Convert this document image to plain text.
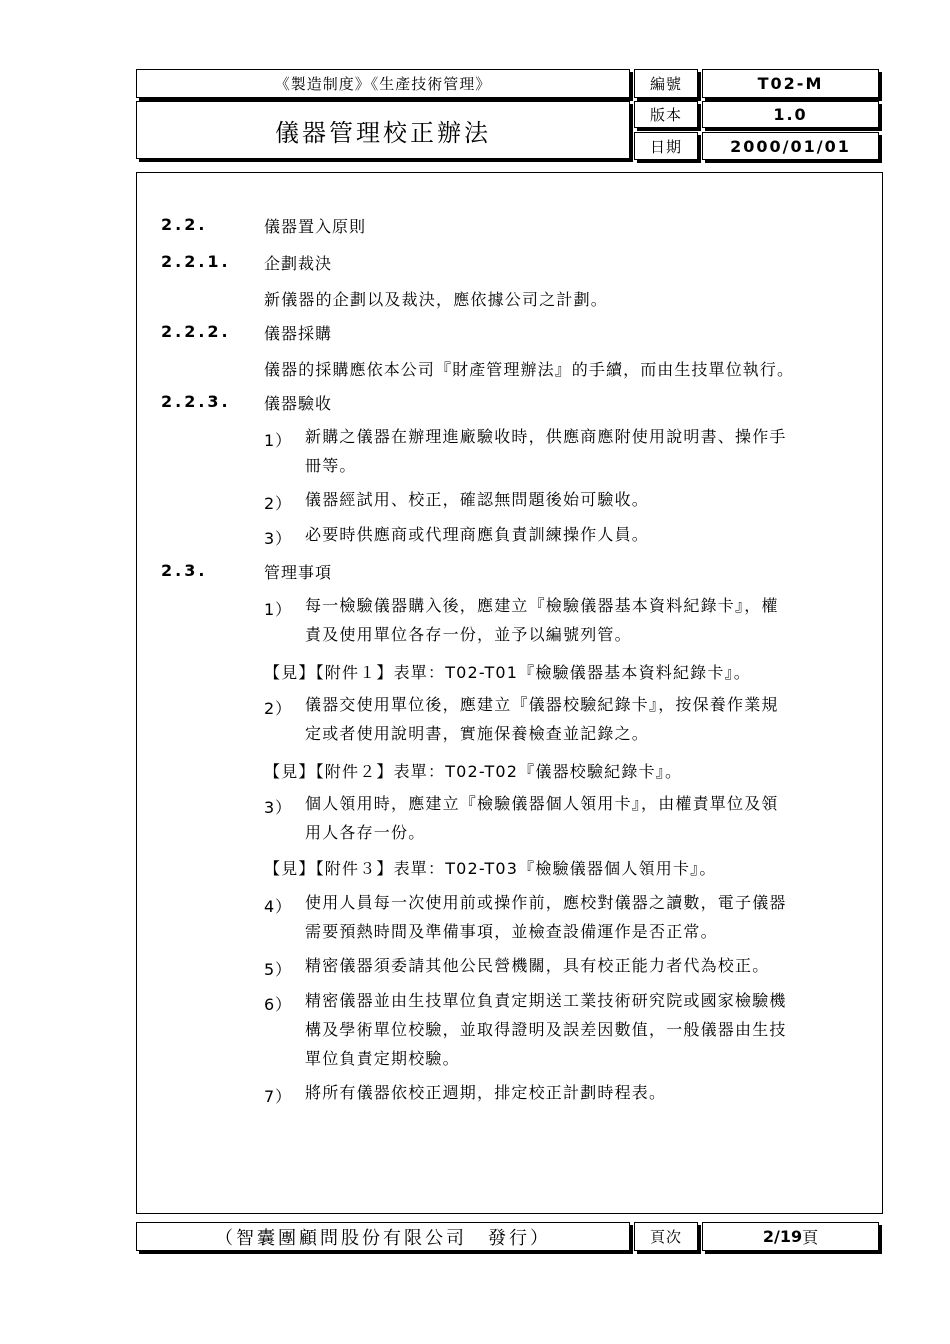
《製造制度》《生產技術管理》
儀器管理校正辦法
編號	T02-M
版本	1.0
日期	2000/01/01
2.2.	儀器置入原則
2.2.1. 企劃裁決
新儀器的企劃以及裁決，應依據公司之計劃。
2.2.2. 儀器採購
儀器的採購應依本公司『財產管理辦法』的手續，而由生技單位執行。
2.2.3. 儀器驗收
1） 新購之儀器在辦理進廠驗收時，供應商應附使用說明書、操作手
冊等。
2） 儀器經試用、校正，確認無問題後始可驗收。
3） 必要時供應商或代理商應負責訓練操作人員。
2.3.	管理事項
1） 每一檢驗儀器購入後，應建立『檢驗儀器基本資料紀錄卡』，權
責及使用單位各存一份，並予以編號列管。
【見】【附件１】表單：T02-T01『檢驗儀器基本資料紀錄卡』。
2） 儀器交使用單位後，應建立『儀器校驗紀錄卡』，按保養作業規
定或者使用說明書，實施保養檢查並記錄之。
【見】【附件２】表單：T02-T02『儀器校驗紀錄卡』。
3） 個人領用時，應建立『檢驗儀器個人領用卡』，由權責單位及領
用人各存一份。
【見】【附件３】表單：T02-T03『檢驗儀器個人領用卡』。
4） 使用人員每一次使用前或操作前，應校對儀器之讀數，電子儀器
需要預熱時間及準備事項，並檢查設備運作是否正常。
5） 精密儀器須委請其他公民營機關，具有校正能力者代為校正。
6） 精密儀器並由生技單位負責定期送工業技術研究院或國家檢驗機
構及學術單位校驗，並取得證明及誤差因數值，一般儀器由生技
單位負責定期校驗。
7） 將所有儀器依校正週期，排定校正計劃時程表。
（智囊團顧問股份有限公司　發行）	頁次	2/19 頁
